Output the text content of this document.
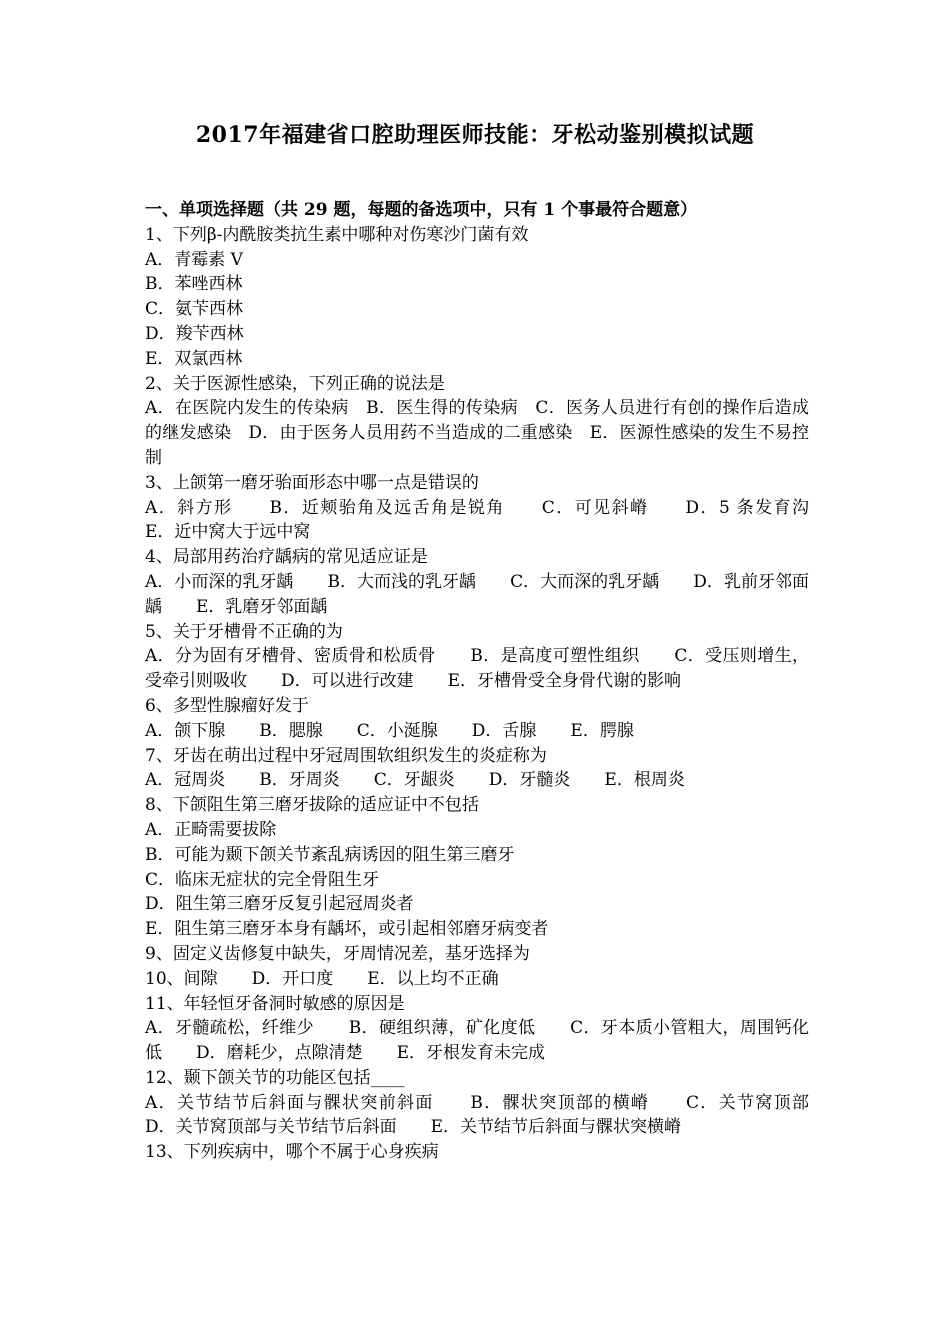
2017年福建省口腔助理医师技能：牙松动鉴别模拟试题
一、单项选择题（共 29 题，每题的备选项中，只有 1 个事最符合题意）
1、下列β-内酰胺类抗生素中哪种对伤寒沙门菌有效
A．青霉素 V
B．苯唑西林
C．氨苄西林
D．羧苄西林
E．双氯西林
2、关于医源性感染，下列正确的说法是
A．在医院内发生的传染病　B．医生得的传染病　C．医务人员进行有创的操作后造成的继发感染　D．由于医务人员用药不当造成的二重感染　E．医源性感染的发生不易控制
3、上颌第一磨牙骀面形态中哪一点是错误的
A．斜方形　　B．近颊骀角及远舌角是锐角　　C．可见斜嵴　　D．5 条发育沟　　E．近中窝大于远中窝
4、局部用药治疗龋病的常见适应证是
A．小而深的乳牙龋　　B．大而浅的乳牙龋　　C．大而深的乳牙龋　　D．乳前牙邻面龋　　E．乳磨牙邻面龋
5、关于牙槽骨不正确的为
A．分为固有牙槽骨、密质骨和松质骨　　B．是高度可塑性组织　　C．受压则增生，受牵引则吸收　　D．可以进行改建　　E．牙槽骨受全身骨代谢的影响
6、多型性腺瘤好发于
A．颌下腺　　B．腮腺　　C．小涎腺　　D．舌腺　　E．腭腺
7、牙齿在萌出过程中牙冠周围软组织发生的炎症称为
A．冠周炎　　B．牙周炎　　C．牙龈炎　　D．牙髓炎　　E．根周炎
8、下颌阻生第三磨牙拔除的适应证中不包括
A．正畸需要拔除
B．可能为颞下颌关节紊乱病诱因的阻生第三磨牙
C．临床无症状的完全骨阻生牙
D．阻生第三磨牙反复引起冠周炎者
E．阻生第三磨牙本身有龋坏，或引起相邻磨牙病变者
9、固定义齿修复中缺失，牙周情况差，基牙选择为
10、间隙　　D．开口度　　E．以上均不正确
11、年轻恒牙备洞时敏感的原因是
A．牙髓疏松，纤维少　　B．硬组织薄，矿化度低　　C．牙本质小管粗大，周围钙化低　　D．磨耗少，点隙清楚　　E．牙根发育未完成
12、颞下颌关节的功能区包括____
A．关节结节后斜面与髁状突前斜面　　B．髁状突顶部的横嵴　　C．关节窝顶部　　　　　　D．关节窝顶部与关节结节后斜面　　E．关节结节后斜面与髁状突横嵴
13、下列疾病中，哪个不属于心身疾病
